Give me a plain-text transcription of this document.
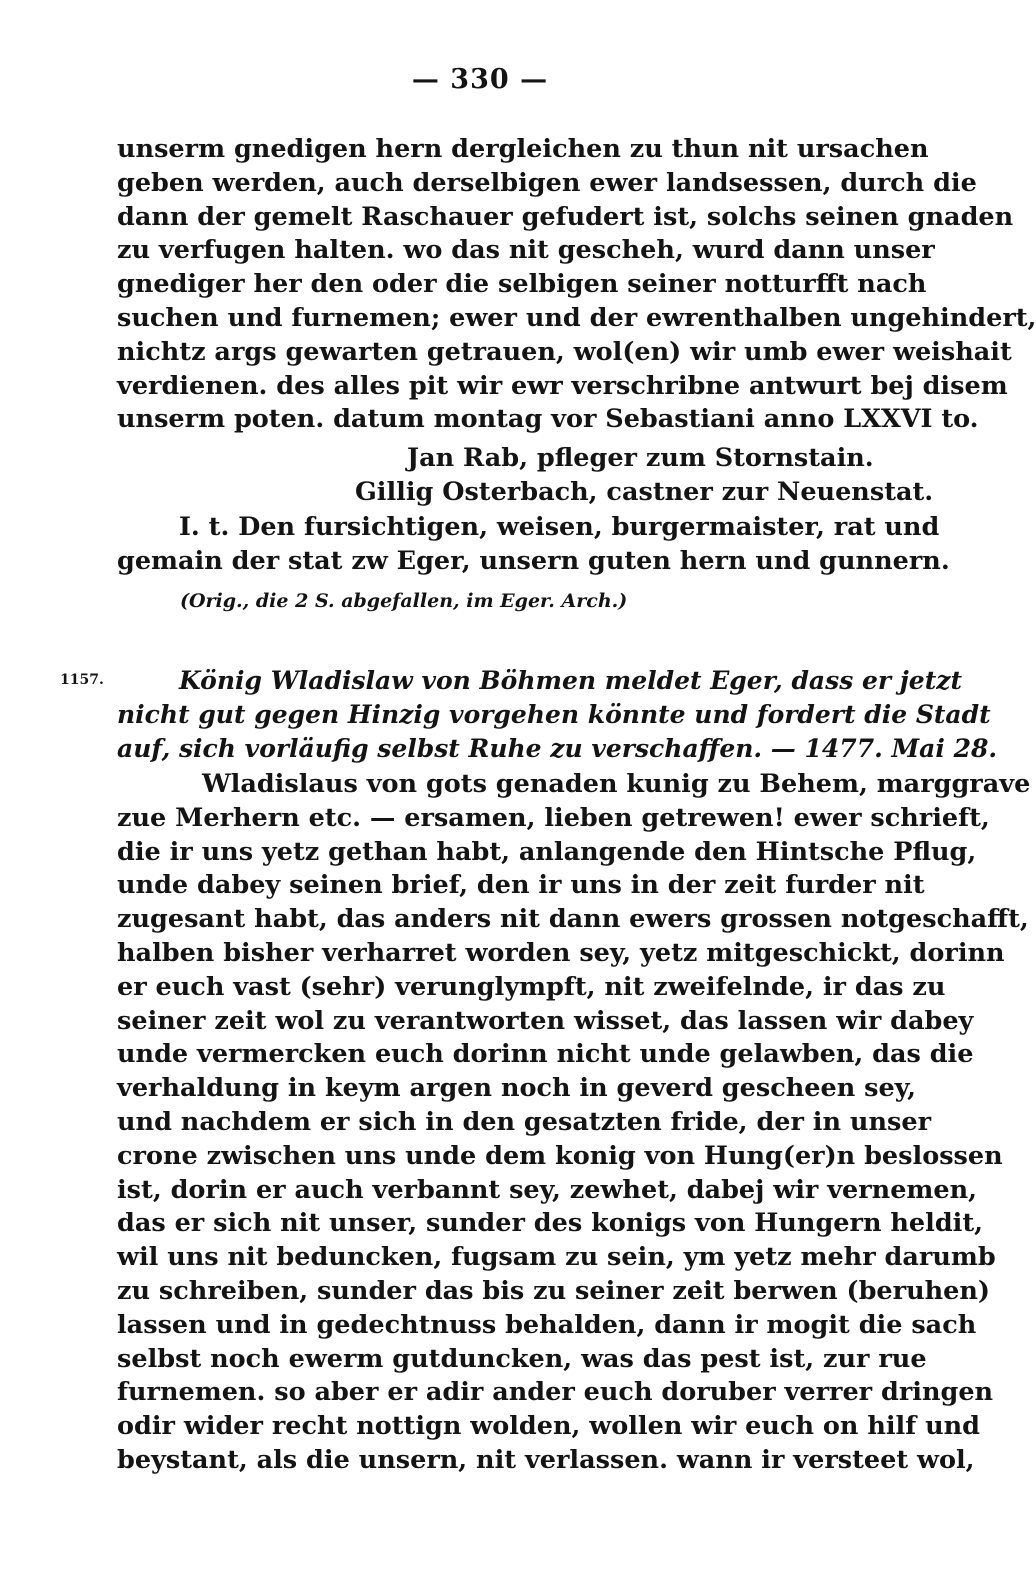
— 330 —
unserm gnedigen hern dergleichen zu thun nit ursachen
geben werden, auch derselbigen ewer landsessen, durch die
dann der gemelt Raschauer gefudert ist, solchs seinen gnaden
zu verfugen halten. wo das nit gescheh, wurd dann unser
gnediger her den oder die selbigen seiner notturfft nach
suchen und furnemen; ewer und der ewrenthalben ungehindert,
nichtz args gewarten getrauen, wol(en) wir umb ewer weishait
verdienen. des alles pit wir ewr verschribne antwurt bej disem
unserm poten. datum montag vor Sebastiani anno LXXVI to.
Jan Rab, pfleger zum Stornstain.
Gillig Osterbach, castner zur Neuenstat.
I. t. Den fursichtigen, weisen, burgermaister, rat und
gemain der stat zw Eger, unsern guten hern und gunnern.
(Orig., die 2 S. abgefallen, im Eger. Arch.)
1157.	König Wladislaw von Böhmen meldet Eger, dass er jetzt
nicht gut gegen Hinzig vorgehen könnte und fordert die Stadt
auf, sich vorläufig selbst Ruhe zu verschaffen. — 1477. Mai 28.
Wladislaus von gots genaden kunig zu Behem, marggrave
zue Merhern etc. — ersamen, lieben getrewen! ewer schrieft,
die ir uns yetz gethan habt, anlangende den Hintsche Pflug,
unde dabey seinen brief, den ir uns in der zeit furder nit
zugesant habt, das anders nit dann ewers grossen notgeschafft,
halben bisher verharret worden sey, yetz mitgeschickt, dorinn
er euch vast (sehr) verunglympft, nit zweifelnde, ir das zu
seiner zeit wol zu verantworten wisset, das lassen wir dabey
unde vermercken euch dorinn nicht unde gelawben, das die
verhaldung in keym argen noch in geverd gescheen sey,
und nachdem er sich in den gesatzten fride, der in unser
crone zwischen uns unde dem konig von Hung(er)n beslossen
ist, dorin er auch verbannt sey, zewhet, dabej wir vernemen,
das er sich nit unser, sunder des konigs von Hungern heldit,
wil uns nit beduncken, fugsam zu sein, ym yetz mehr darumb
zu schreiben, sunder das bis zu seiner zeit berwen (beruhen)
lassen und in gedechtnuss behalden, dann ir mogit die sach
selbst noch ewerm gutduncken, was das pest ist, zur rue
furnemen. so aber er adir ander euch doruber verrer dringen
odir wider recht nottign wolden, wollen wir euch on hilf und
beystant, als die unsern, nit verlassen. wann ir versteet wol,
